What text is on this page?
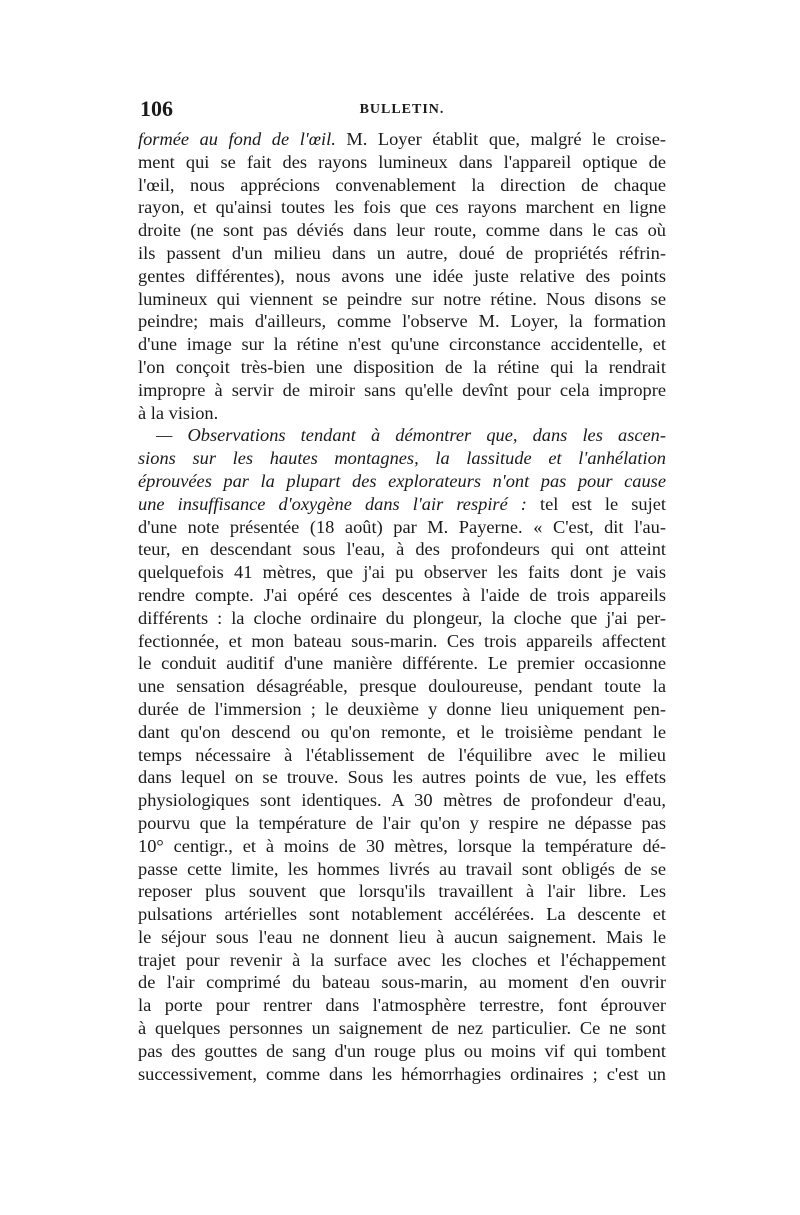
106	BULLETIN.
formée au fond de l'œil. M. Loyer établit que, malgré le croise-
ment qui se fait des rayons lumineux dans l'appareil optique de
l'œil, nous apprécions convenablement la direction de chaque
rayon, et qu'ainsi toutes les fois que ces rayons marchent en ligne
droite (ne sont pas déviés dans leur route, comme dans le cas où
ils passent d'un milieu dans un autre, doué de propriétés réfrin-
gentes différentes), nous avons une idée juste relative des points
lumineux qui viennent se peindre sur notre rétine. Nous disons se
peindre; mais d'ailleurs, comme l'observe M. Loyer, la formation
d'une image sur la rétine n'est qu'une circonstance accidentelle, et
l'on conçoit très-bien une disposition de la rétine qui la rendrait
impropre à servir de miroir sans qu'elle devînt pour cela impropre
à la vision.
— Observations tendant à démontrer que, dans les ascen-
sions sur les hautes montagnes, la lassitude et l'anhélation
éprouvées par la plupart des explorateurs n'ont pas pour cause
une insuffisance d'oxygène dans l'air respiré : tel est le sujet
d'une note présentée (18 août) par M. Payerne. « C'est, dit l'au-
teur, en descendant sous l'eau, à des profondeurs qui ont atteint
quelquefois 41 mètres, que j'ai pu observer les faits dont je vais
rendre compte. J'ai opéré ces descentes à l'aide de trois appareils
différents : la cloche ordinaire du plongeur, la cloche que j'ai per-
fectionnée, et mon bateau sous-marin. Ces trois appareils affectent
le conduit auditif d'une manière différente. Le premier occasionne
une sensation désagréable, presque douloureuse, pendant toute la
durée de l'immersion ; le deuxième y donne lieu uniquement pen-
dant qu'on descend ou qu'on remonte, et le troisième pendant le
temps nécessaire à l'établissement de l'équilibre avec le milieu
dans lequel on se trouve. Sous les autres points de vue, les effets
physiologiques sont identiques. A 30 mètres de profondeur d'eau,
pourvu que la température de l'air qu'on y respire ne dépasse pas
10° centigr., et à moins de 30 mètres, lorsque la température dé-
passe cette limite, les hommes livrés au travail sont obligés de se
reposer plus souvent que lorsqu'ils travaillent à l'air libre. Les
pulsations artérielles sont notablement accélérées. La descente et
le séjour sous l'eau ne donnent lieu à aucun saignement. Mais le
trajet pour revenir à la surface avec les cloches et l'échappement
de l'air comprimé du bateau sous-marin, au moment d'en ouvrir
la porte pour rentrer dans l'atmosphère terrestre, font éprouver
à quelques personnes un saignement de nez particulier. Ce ne sont
pas des gouttes de sang d'un rouge plus ou moins vif qui tombent
successivement, comme dans les hémorrhagies ordinaires ; c'est un
